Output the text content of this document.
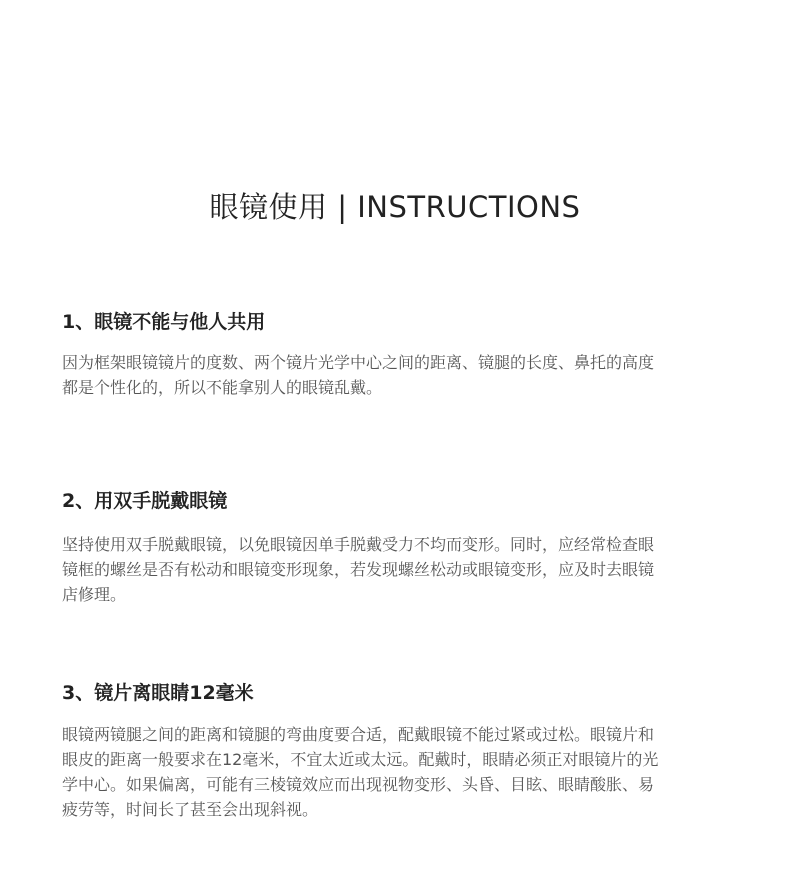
眼镜使用 | INSTRUCTIONS
1、眼镜不能与他人共用
因为框架眼镜镜片的度数、两个镜片光学中心之间的距离、镜腿的长度、鼻托的高度
都是个性化的，所以不能拿别人的眼镜乱戴。
2、用双手脱戴眼镜
坚持使用双手脱戴眼镜，以免眼镜因单手脱戴受力不均而变形。同时，应经常检查眼
镜框的螺丝是否有松动和眼镜变形现象，若发现螺丝松动或眼镜变形，应及时去眼镜
店修理。
3、镜片离眼睛12毫米
眼镜两镜腿之间的距离和镜腿的弯曲度要合适，配戴眼镜不能过紧或过松。眼镜片和
眼皮的距离一般要求在12毫米，不宜太近或太远。配戴时，眼睛必须正对眼镜片的光
学中心。如果偏离，可能有三棱镜效应而出现视物变形、头昏、目眩、眼睛酸胀、易
疲劳等，时间长了甚至会出现斜视。
